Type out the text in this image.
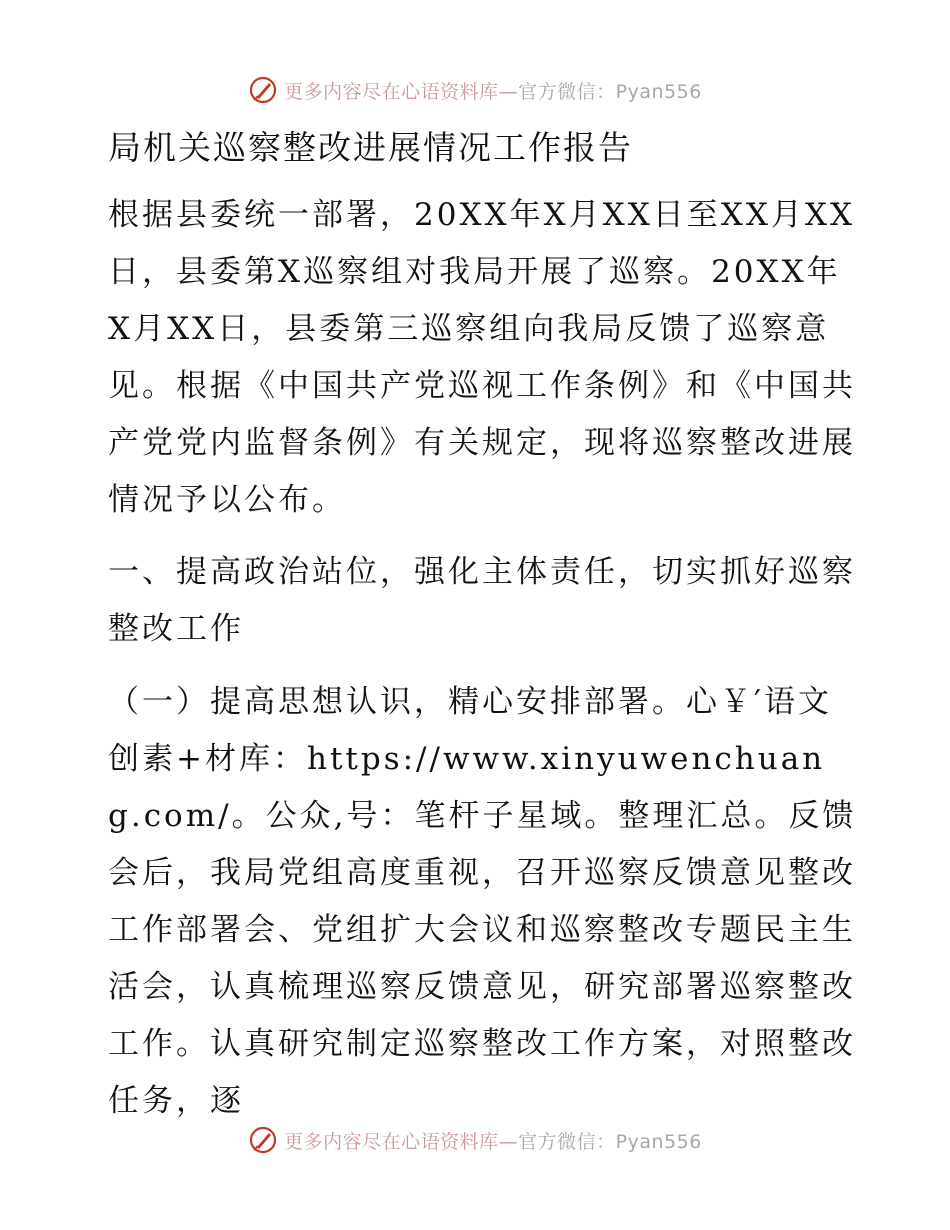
更多内容尽在心语资料库—官方微信：Pyan556
局机关巡察整改进展情况工作报告

根据县委统一部署，20XX年X月XX日至XX月XX日，县委第X巡察组对我局开展了巡察。20XX年X月XX日，县委第三巡察组向我局反馈了巡察意见。根据《中国共产党巡视工作条例》和《中国共产党党内监督条例》有关规定，现将巡察整改进展情况予以公布。

一、提高政治站位，强化主体责任，切实抓好巡察整改工作

（一）提高思想认识，精心安排部署。心￥′语文创素+材库：https://www.xinyuwenchuang.com/。公众,号：笔杆子星域。整理汇总。反馈会后，我局党组高度重视，召开巡察反馈意见整改工作部署会、党组扩大会议和巡察整改专题民主生活会，认真梳理巡察反馈意见，研究部署巡察整改工作。认真研究制定巡察整改工作方案，对照整改任务，逐

更多内容尽在心语资料库—官方微信：Pyan556
